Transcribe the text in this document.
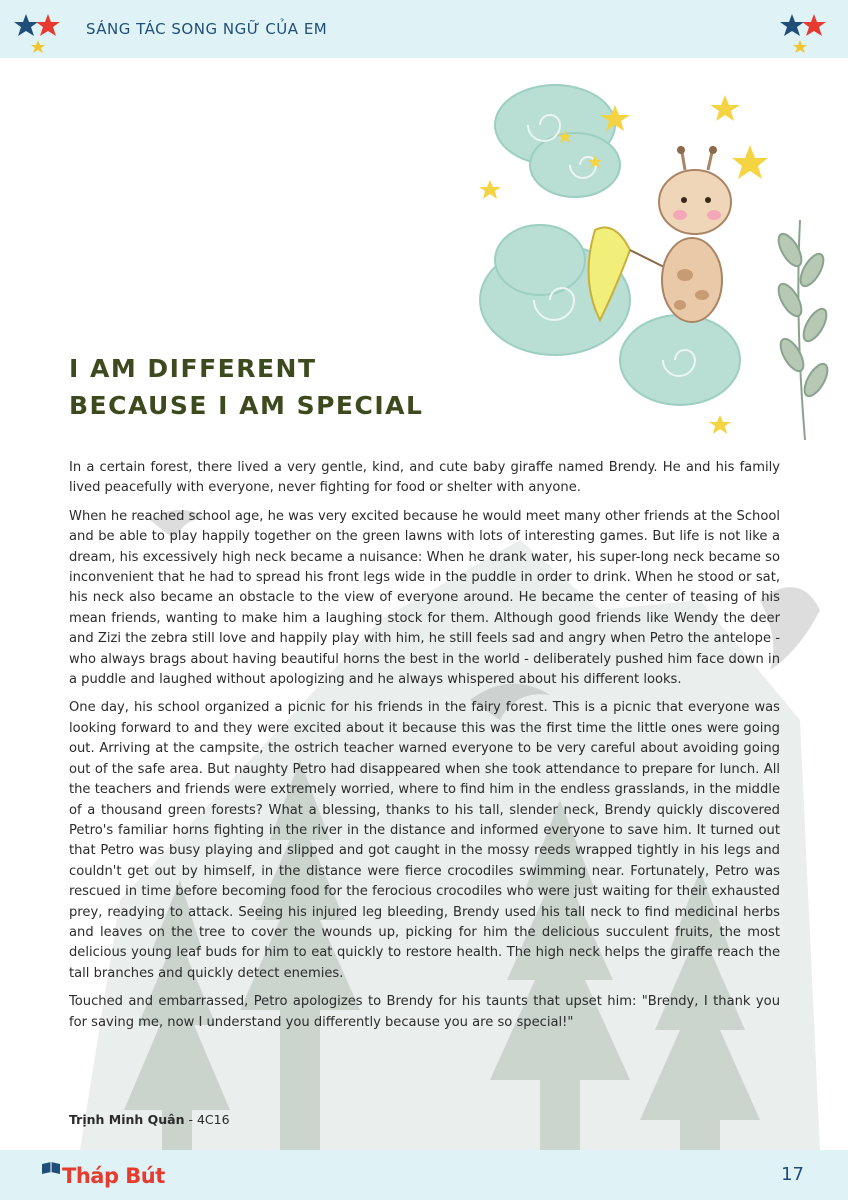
SÁNG TÁC SONG NGỮ CỦA EM
I AM DIFFERENT
BECAUSE I AM SPECIAL

In a certain forest, there lived a very gentle, kind, and cute baby giraffe named Brendy. He and his family lived peacefully with everyone, never fighting for food or shelter with anyone.

When he reached school age, he was very excited because he would meet many other friends at the School and be able to play happily together on the green lawns with lots of interesting games. But life is not like a dream, his excessively high neck became a nuisance: When he drank water, his super-long neck became so inconvenient that he had to spread his front legs wide in the puddle in order to drink. When he stood or sat, his neck also became an obstacle to the view of everyone around. He became the center of teasing of his mean friends, wanting to make him a laughing stock for them. Although good friends like Wendy the deer and Zizi the zebra still love and happily play with him, he still feels sad and angry when Petro the antelope - who always brags about having beautiful horns the best in the world - deliberately pushed him face down in a puddle and laughed without apologizing and he always whispered about his different looks.

One day, his school organized a picnic for his friends in the fairy forest. This is a picnic that everyone was looking forward to and they were excited about it because this was the first time the little ones were going out. Arriving at the campsite, the ostrich teacher warned everyone to be very careful about avoiding going out of the safe area. But naughty Petro had disappeared when she took attendance to prepare for lunch. All the teachers and friends were extremely worried, where to find him in the endless grasslands, in the middle of a thousand green forests? What a blessing, thanks to his tall, slender neck, Brendy quickly discovered Petro's familiar horns fighting in the river in the distance and informed everyone to save him. It turned out that Petro was busy playing and slipped and got caught in the mossy reeds wrapped tightly in his legs and couldn't get out by himself, in the distance were fierce crocodiles swimming near. Fortunately, Petro was rescued in time before becoming food for the ferocious crocodiles who were just waiting for their exhausted prey, readying to attack. Seeing his injured leg bleeding, Brendy used his tall neck to find medicinal herbs and leaves on the tree to cover the wounds up, picking for him the delicious succulent fruits, the most delicious young leaf buds for him to eat quickly to restore health. The high neck helps the giraffe reach the tall branches and quickly detect enemies.

Touched and embarrassed, Petro apologizes to Brendy for his taunts that upset him: "Brendy, I thank you for saving me, now I understand you differently because you are so special!"

Trịnh Minh Quân - 4C16
Tháp Bút	17
